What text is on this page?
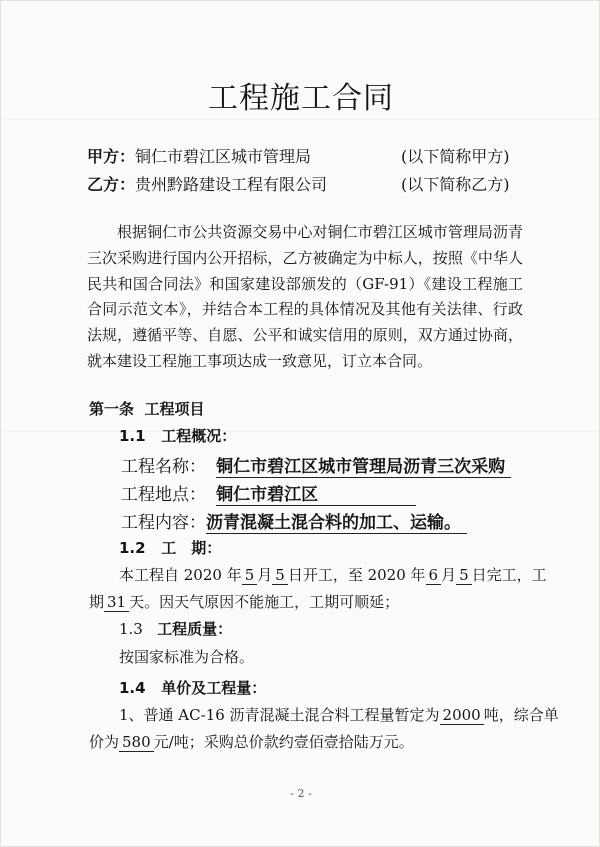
工程施工合同
甲方：铜仁市碧江区城市管理局	(以下简称甲方)
乙方：贵州黔路建设工程有限公司	(以下简称乙方)
根据铜仁市公共资源交易中心对铜仁市碧江区城市管理局沥青三次采购进行国内公开招标，乙方被确定为中标人，按照《中华人民共和国合同法》和国家建设部颁发的（GF-91）《建设工程施工合同示范文本》，并结合本工程的具体情况及其他有关法律、行政法规，遵循平等、自愿、公平和诚实信用的原则，双方通过协商，就本建设工程施工事项达成一致意见，订立本合同。
第一条 工程项目
1.1 工程概况：
工程名称： 铜仁市碧江区城市管理局沥青三次采购
工程地点： 铜仁市碧江区
工程内容：沥青混凝土混合料的加工、运输。
1.2 工　期：
本工程自 2020 年 5 月 5 日开工，至 2020 年 6 月 5 日完工，工
期 31 天。因天气原因不能施工，工期可顺延；
1.3 工程质量：
按国家标准为合格。
1.4 单价及工程量：
1、普通 AC-16 沥青混凝土混合料工程量暂定为 2000 吨，综合单
价为 580 元/吨；采购总价款约壹佰壹拾陆万元。
- 2 -
